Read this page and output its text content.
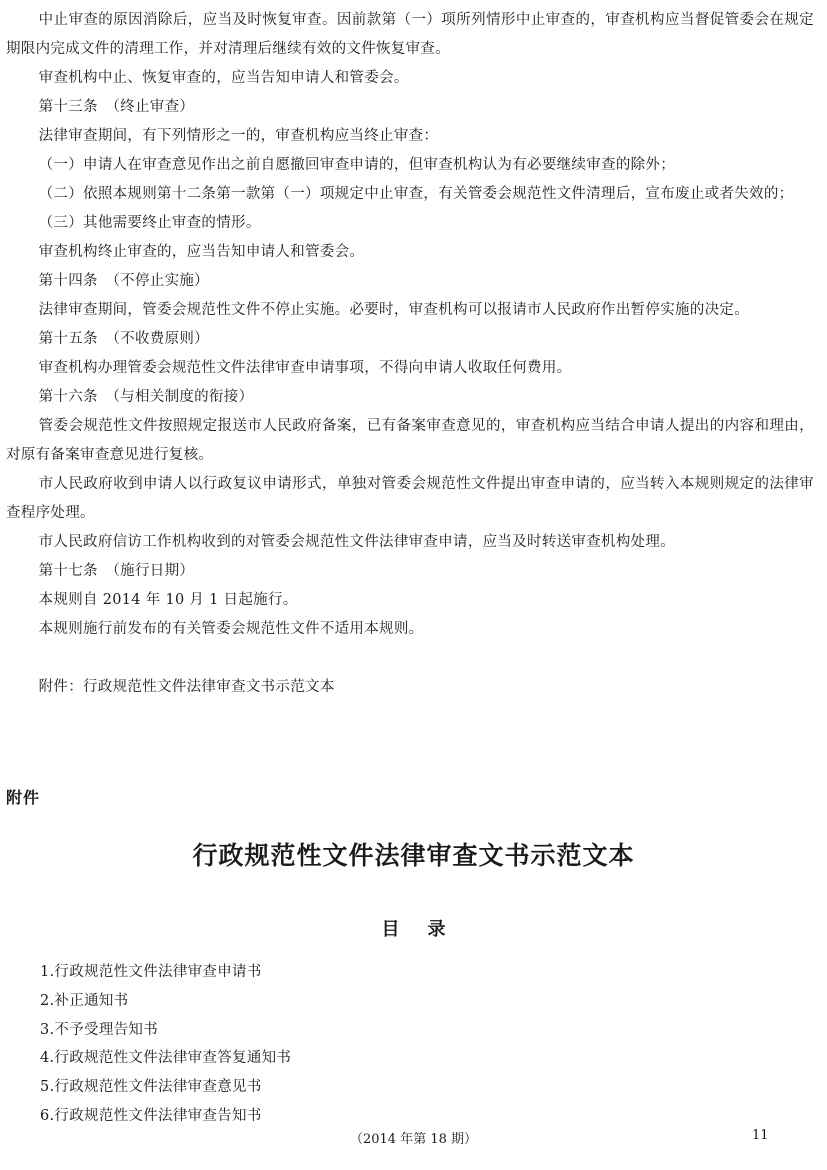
中止审查的原因消除后，应当及时恢复审查。因前款第（一）项所列情形中止审查的，审查机构应当督促管委会在规定期限内完成文件的清理工作，并对清理后继续有效的文件恢复审查。

审查机构中止、恢复审查的，应当告知申请人和管委会。

第十三条　（终止审查）

法律审查期间，有下列情形之一的，审查机构应当终止审查：

（一）申请人在审查意见作出之前自愿撤回审查申请的，但审查机构认为有必要继续审查的除外；

（二）依照本规则第十二条第一款第（一）项规定中止审查，有关管委会规范性文件清理后，宣布废止或者失效的；

（三）其他需要终止审查的情形。

审查机构终止审查的，应当告知申请人和管委会。

第十四条　（不停止实施）

法律审查期间，管委会规范性文件不停止实施。必要时，审查机构可以报请市人民政府作出暂停实施的决定。

第十五条　（不收费原则）

审查机构办理管委会规范性文件法律审查申请事项，不得向申请人收取任何费用。

第十六条　（与相关制度的衔接）

管委会规范性文件按照规定报送市人民政府备案，已有备案审查意见的，审查机构应当结合申请人提出的内容和理由，对原有备案审查意见进行复核。

市人民政府收到申请人以行政复议申请形式，单独对管委会规范性文件提出审查申请的，应当转入本规则规定的法律审查程序处理。

市人民政府信访工作机构收到的对管委会规范性文件法律审查申请，应当及时转送审查机构处理。

第十七条　（施行日期）

本规则自 2014 年 10 月 1 日起施行。

本规则施行前发布的有关管委会规范性文件不适用本规则。

附件：行政规范性文件法律审查文书示范文本

附件
行政规范性文件法律审查文书示范文本
目录
1.行政规范性文件法律审查申请书
2.补正通知书
3.不予受理告知书
4.行政规范性文件法律审查答复通知书
5.行政规范性文件法律审查意见书
6.行政规范性文件法律审查告知书
（2014 年第 18 期）	11
